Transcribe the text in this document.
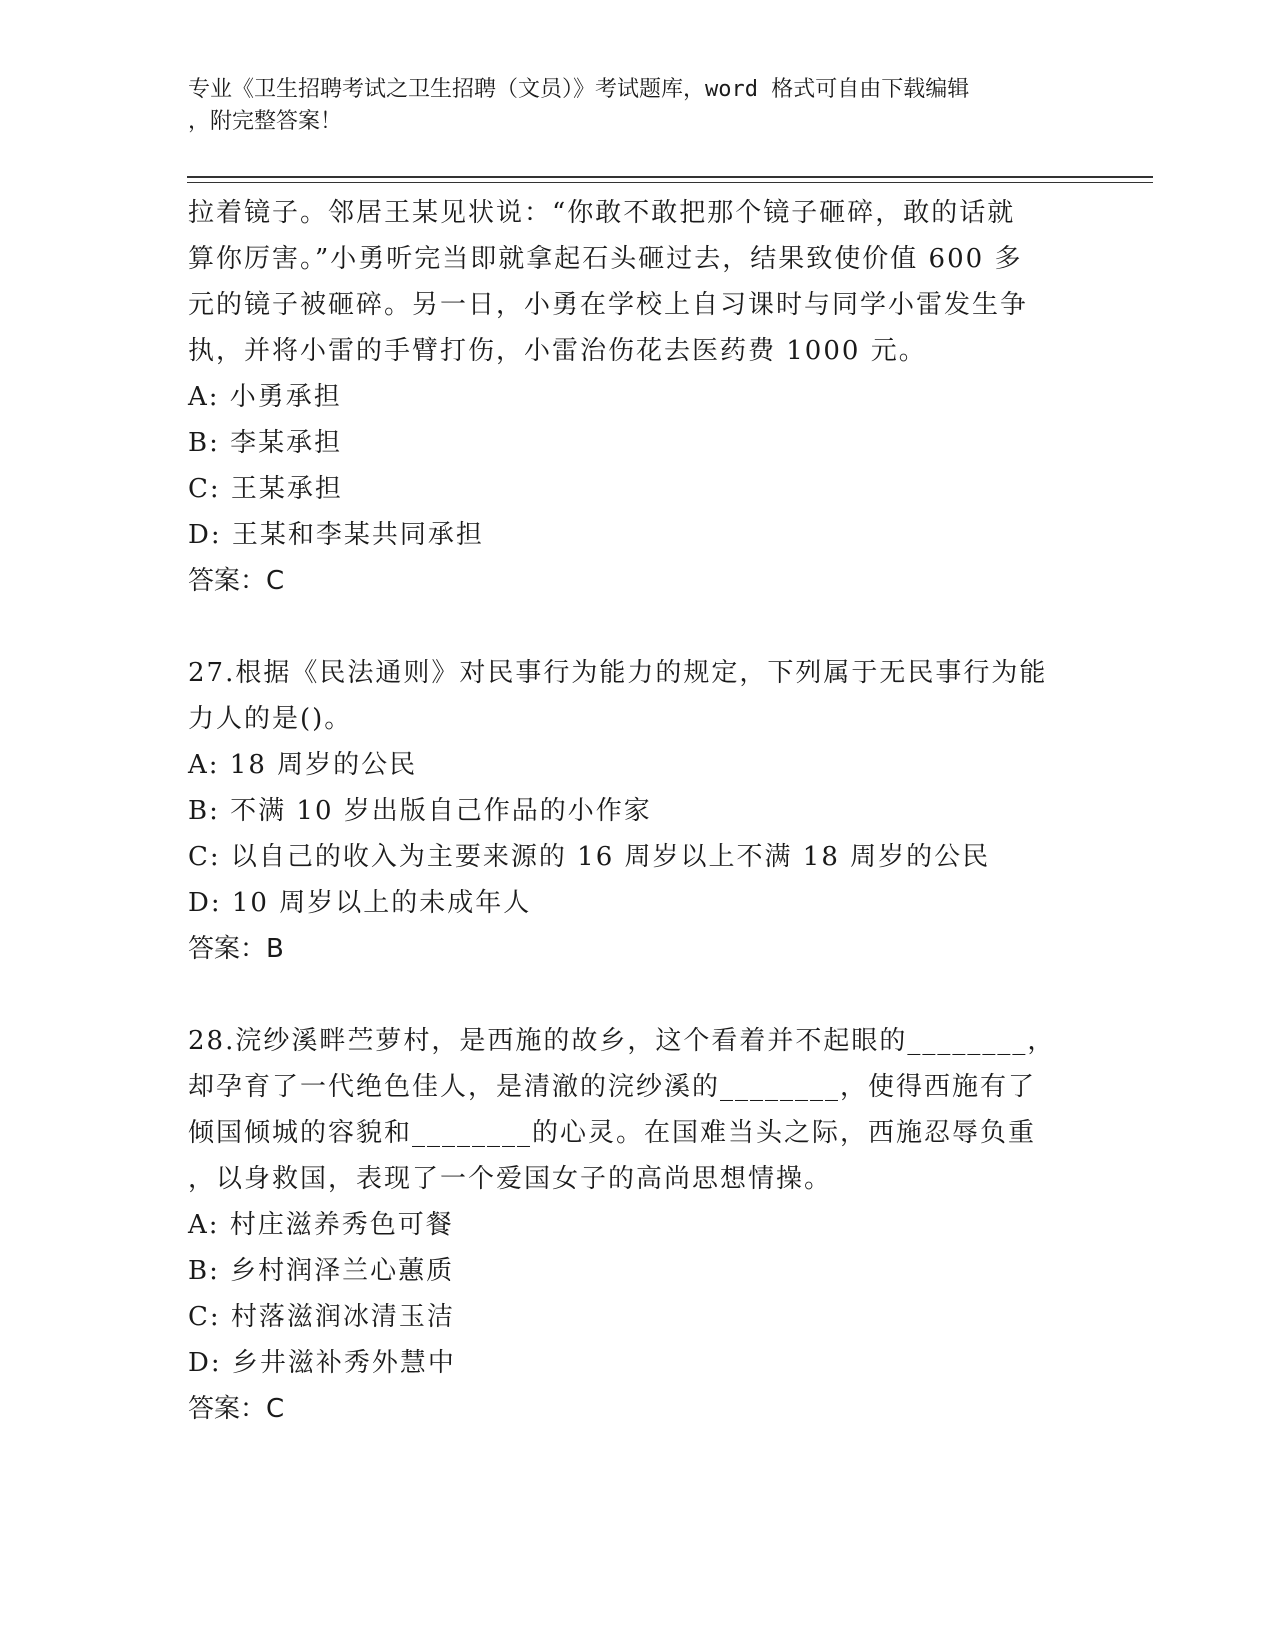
专业《卫生招聘考试之卫生招聘（文员）》考试题库，word 格式可自由下载编辑
，附完整答案！
拉着镜子。邻居王某见状说：“你敢不敢把那个镜子砸碎，敢的话就
算你厉害。”小勇听完当即就拿起石头砸过去，结果致使价值 600 多
元的镜子被砸碎。另一日，小勇在学校上自习课时与同学小雷发生争
执，并将小雷的手臂打伤，小雷治伤花去医药费 1000 元。
A: 小勇承担
B: 李某承担
C: 王某承担
D: 王某和李某共同承担
答案：C
27.根据《民法通则》对民事行为能力的规定，下列属于无民事行为能
力人的是()。
A: 18 周岁的公民
B: 不满 10 岁出版自己作品的小作家
C: 以自己的收入为主要来源的 16 周岁以上不满 18 周岁的公民
D: 10 周岁以上的未成年人
答案：B
28.浣纱溪畔苎萝村，是西施的故乡，这个看着并不起眼的________，
却孕育了一代绝色佳人，是清澈的浣纱溪的________，使得西施有了
倾国倾城的容貌和________的心灵。在国难当头之际，西施忍辱负重
，以身救国，表现了一个爱国女子的高尚思想情操。
A: 村庄滋养秀色可餐
B: 乡村润泽兰心蕙质
C: 村落滋润冰清玉洁
D: 乡井滋补秀外慧中
答案：C
